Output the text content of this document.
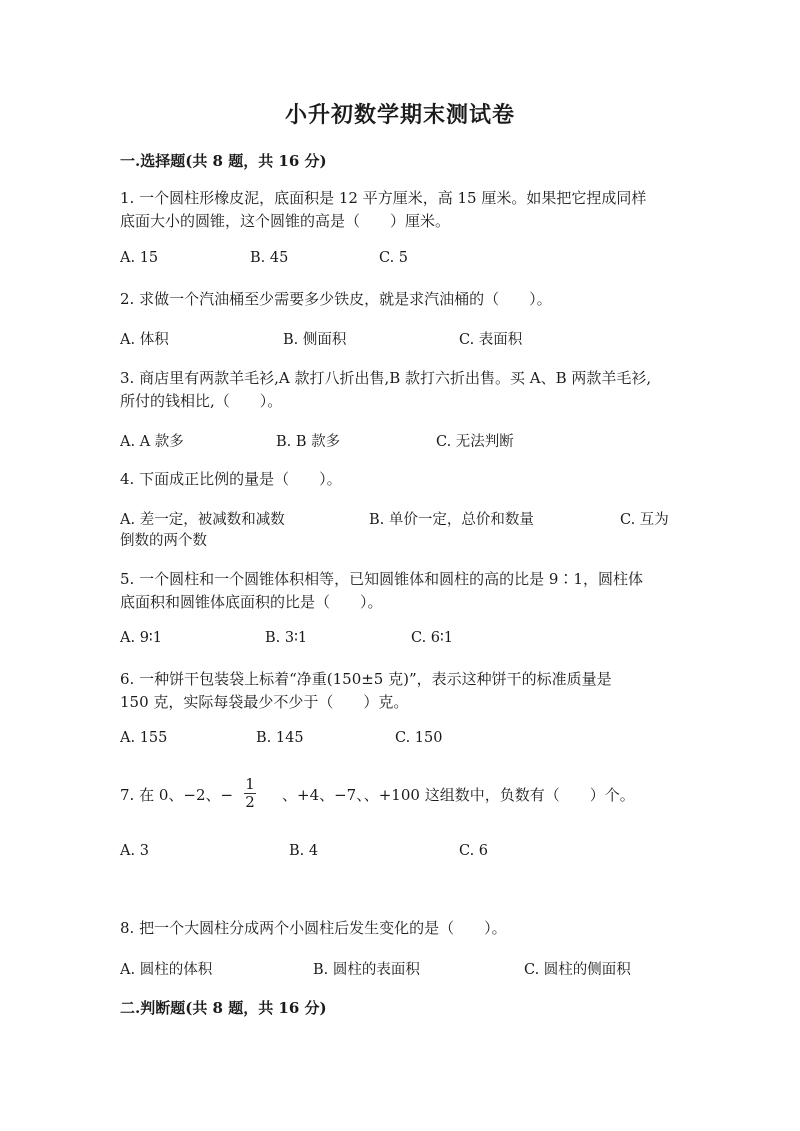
小升初数学期末测试卷
一.选择题(共 8 题，共 16 分)
1. 一个圆柱形橡皮泥，底面积是 12 平方厘米，高 15 厘米。如果把它捏成同样
底面大小的圆锥，这个圆锥的高是（　　）厘米。
A. 15	B. 45	C. 5
2. 求做一个汽油桶至少需要多少铁皮，就是求汽油桶的（　　）。
A. 体积	B. 侧面积	C. 表面积
3. 商店里有两款羊毛衫,A 款打八折出售,B 款打六折出售。买 A、B 两款羊毛衫,
所付的钱相比,（　　）。
A. A 款多	B. B 款多	C. 无法判断
4. 下面成正比例的量是（　　）。
A. 差一定，被减数和减数	B. 单价一定，总价和数量	C. 互为
倒数的两个数
5. 一个圆柱和一个圆锥体积相等，已知圆锥体和圆柱的高的比是 9∶1，圆柱体
底面积和圆锥体底面积的比是（　　）。
A. 9∶1	B. 3∶1	C. 6∶1
6. 一种饼干包装袋上标着“净重(150±5 克)”，表示这种饼干的标准质量是
150 克，实际每袋最少不少于（　　）克。
A. 155	B. 145	C. 150
7. 在 0、−2、−
1
2 、+4、−7、、+100 这组数中，负数有（　　）个。
A. 3	B. 4	C. 6
8. 把一个大圆柱分成两个小圆柱后发生变化的是（　　）。
A. 圆柱的体积	B. 圆柱的表面积	C. 圆柱的侧面积
二.判断题(共 8 题，共 16 分)
